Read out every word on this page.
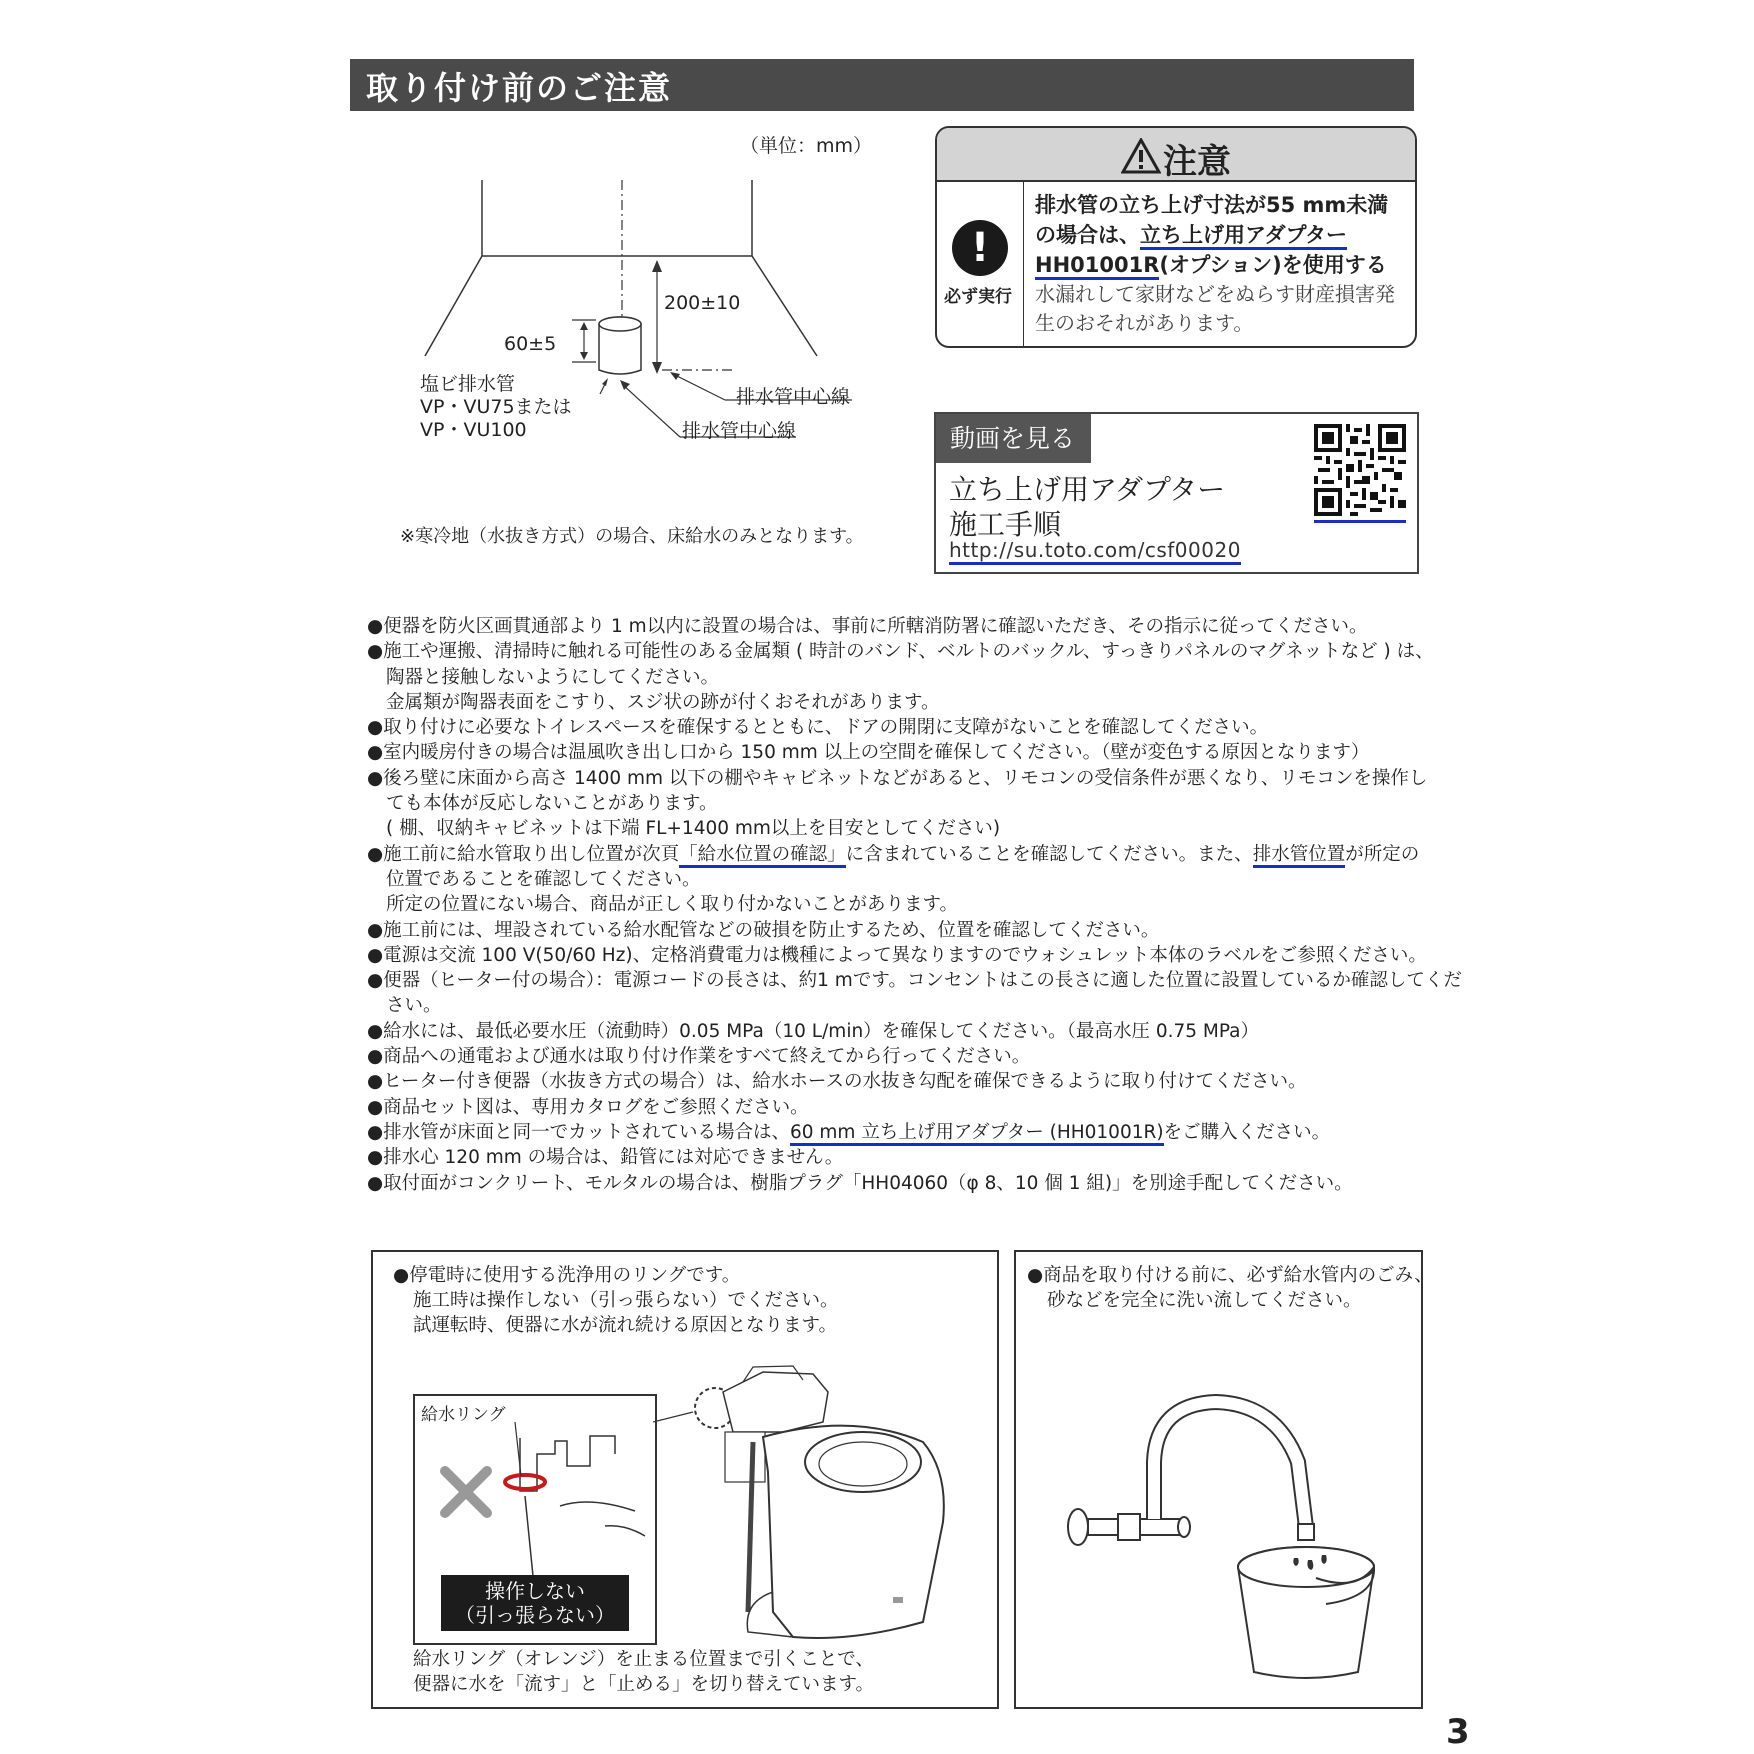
取り付け前のご注意
（単位：mm）
200±10
60±5
塩ビ排水管
VP・VU75または
VP・VU100
排水管中心線
排水管中心線
※寒冷地（水抜き方式）の場合、床給水のみとなります。
注意
!
必ず実行
排水管の立ち上げ寸法が55 mm未満
の場合は、立ち上げ用アダプター
HH01001R(オプション)を使用する
水漏れして家財などをぬらす財産損害発
生のおそれがあります。
動画を見る
立ち上げ用アダプター
施工手順
http://su.toto.com/csf00020

●便器を防火区画貫通部より 1 m以内に設置の場合は、事前に所轄消防署に確認いただき、その指示に従ってください。

●施工や運搬、清掃時に触れる可能性のある金属類 ( 時計のバンド、ベルトのバックル、すっきりパネルのマグネットなど ) は、

陶器と接触しないようにしてください。

金属類が陶器表面をこすり、スジ状の跡が付くおそれがあります。

●取り付けに必要なトイレスペースを確保するとともに、ドアの開閉に支障がないことを確認してください。

●室内暖房付きの場合は温風吹き出し口から 150 mm 以上の空間を確保してください。（壁が変色する原因となります）

●後ろ壁に床面から高さ 1400 mm 以下の棚やキャビネットなどがあると、リモコンの受信条件が悪くなり、リモコンを操作し

ても本体が反応しないことがあります。

( 棚、収納キャビネットは下端 FL+1400 mm以上を目安としてください)

●施工前に給水管取り出し位置が次頁「給水位置の確認」に含まれていることを確認してください。また、排水管位置が所定の

位置であることを確認してください。

所定の位置にない場合、商品が正しく取り付かないことがあります。

●施工前には、埋設されている給水配管などの破損を防止するため、位置を確認してください。

●電源は交流 100 V(50/60 Hz)、定格消費電力は機種によって異なりますのでウォシュレット本体のラベルをご参照ください。

●便器（ヒーター付の場合）：電源コードの長さは、約1 mです。コンセントはこの長さに適した位置に設置しているか確認してくだ

さい。

●給水には、最低必要水圧（流動時）0.05 MPa（10 L/min）を確保してください。（最高水圧 0.75 MPa）

●商品への通電および通水は取り付け作業をすべて終えてから行ってください。

●ヒーター付き便器（水抜き方式の場合）は、給水ホースの水抜き勾配を確保できるように取り付けてください。

●商品セット図は、専用カタログをご参照ください。

●排水管が床面と同一でカットされている場合は、60 mm 立ち上げ用アダプター (HH01001R)をご購入ください。

●排水心 120 mm の場合は、鉛管には対応できません。

●取付面がコンクリート、モルタルの場合は、樹脂プラグ「HH04060（φ 8、10 個 1 組)」を別途手配してください。

●停電時に使用する洗浄用のリングです。
施工時は操作しない（引っ張らない）でください。
試運転時、便器に水が流れ続ける原因となります。
給水リング
操作しない
（引っ張らない）
給水リング（オレンジ）を止まる位置まで引くことで、
便器に水を「流す」と「止める」を切り替えています。
●商品を取り付ける前に、必ず給水管内のごみ、
砂などを完全に洗い流してください。
3
